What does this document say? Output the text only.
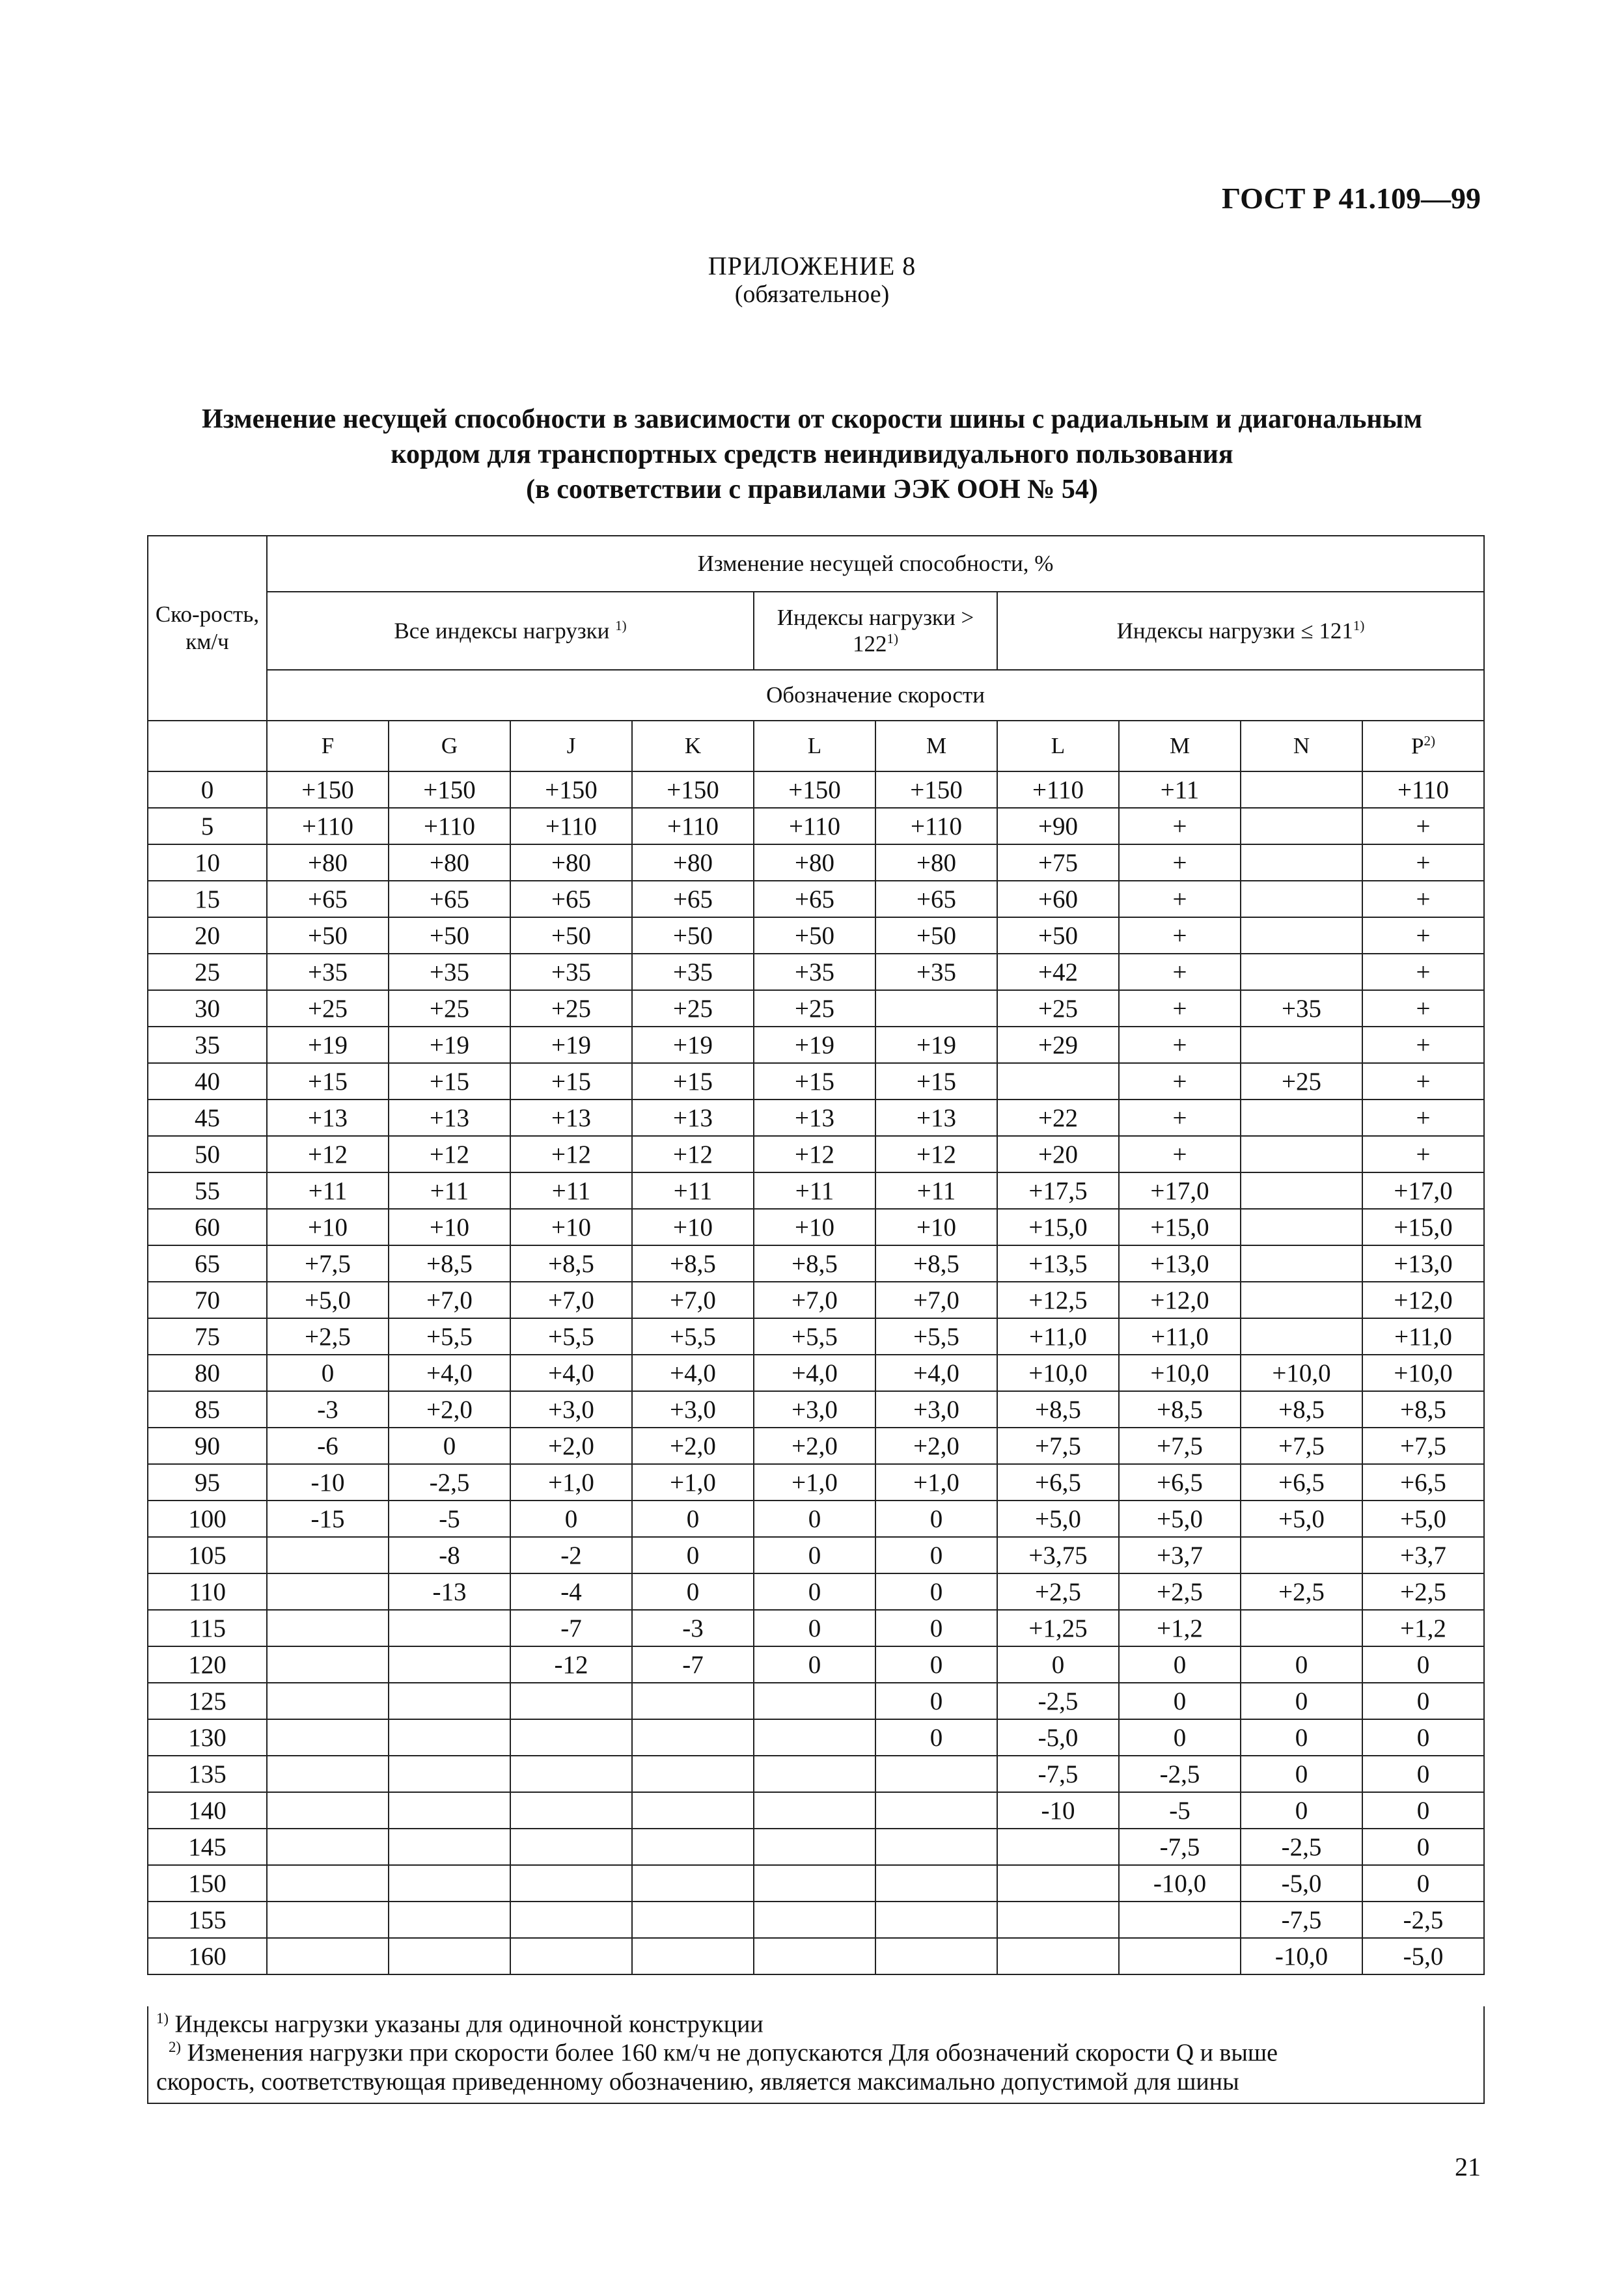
ГОСТ Р 41.109—99
ПРИЛОЖЕНИЕ 8
(обязательное)
Изменение несущей способности в зависимости от скорости шины с радиальным и диагональным
кордом для транспортных средств неиндивидуального пользования
(в соответствии с правилами ЭЭК ООН № 54)
Ско-рость, км/ч	Изменение несущей способности, %									
	Все индексы нагрузки $^{1)}$				Индексы нагрузки > $122^{1)}$		Индексы нагрузки ≤ $121^{1)}$
	Обозначение скорости									
	F	G	J	K	L	M	L	M	N	$P^{2)}$
0	+150	+150	+150	+150	+150	+150	+110	+11		+110
5	+110	+110	+110	+110	+110	+110	+90	+		+
10	+80	+80	+80	+80	+80	+80	+75	+		+
15	+65	+65	+65	+65	+65	+65	+60	+		+
20	+50	+50	+50	+50	+50	+50	+50	+		+
25	+35	+35	+35	+35	+35	+35	+42	+		+
30	+25	+25	+25	+25	+25		+25	+	+35	+
35	+19	+19	+19	+19	+19	+19	+29	+		+
40	+15	+15	+15	+15	+15	+15		+	+25	+
45	+13	+13	+13	+13	+13	+13	+22	+		+
50	+12	+12	+12	+12	+12	+12	+20	+		+
55	+11	+11	+11	+11	+11	+11	+17,5	+17,0		+17,0
60	+10	+10	+10	+10	+10	+10	+15,0	+15,0		+15,0
65	+7,5	+8,5	+8,5	+8,5	+8,5	+8,5	+13,5	+13,0		+13,0
70	+5,0	+7,0	+7,0	+7,0	+7,0	+7,0	+12,5	+12,0		+12,0
75	+2,5	+5,5	+5,5	+5,5	+5,5	+5,5	+11,0	+11,0		+11,0
80	0	+4,0	+4,0	+4,0	+4,0	+4,0	+10,0	+10,0	+10,0	+10,0
85	-3	+2,0	+3,0	+3,0	+3,0	+3,0	+8,5	+8,5	+8,5	+8,5
90	-6	0	+2,0	+2,0	+2,0	+2,0	+7,5	+7,5	+7,5	+7,5
95	-10	-2,5	+1,0	+1,0	+1,0	+1,0	+6,5	+6,5	+6,5	+6,5
100	-15	-5	0	0	0	0	+5,0	+5,0	+5,0	+5,0
105		-8	-2	0	0	0	+3,75	+3,7		+3,7
110		-13	-4	0	0	0	+2,5	+2,5	+2,5	+2,5
115			-7	-3	0	0	+1,25	+1,2		+1,2
120			-12	-7	0	0	0	0	0	0
125						0	-2,5	0	0	0
130						0	-5,0	0	0	0
135							-7,5	-2,5	0	0
140							-10	-5	0	0
145								-7,5	-2,5	0
150								-10,0	-5,0	0
155									-7,5	-2,5
160									-10,0	-5,0
$^{1)}$ Индексы нагрузки указаны для одиночной конструкции
$^{2)}$ Изменения нагрузки при скорости более 160 км/ч не допускаются Для обозначений скорости Q и выше
скорость, соответствующая приведенному обозначению, является максимально допустимой для шины
21
